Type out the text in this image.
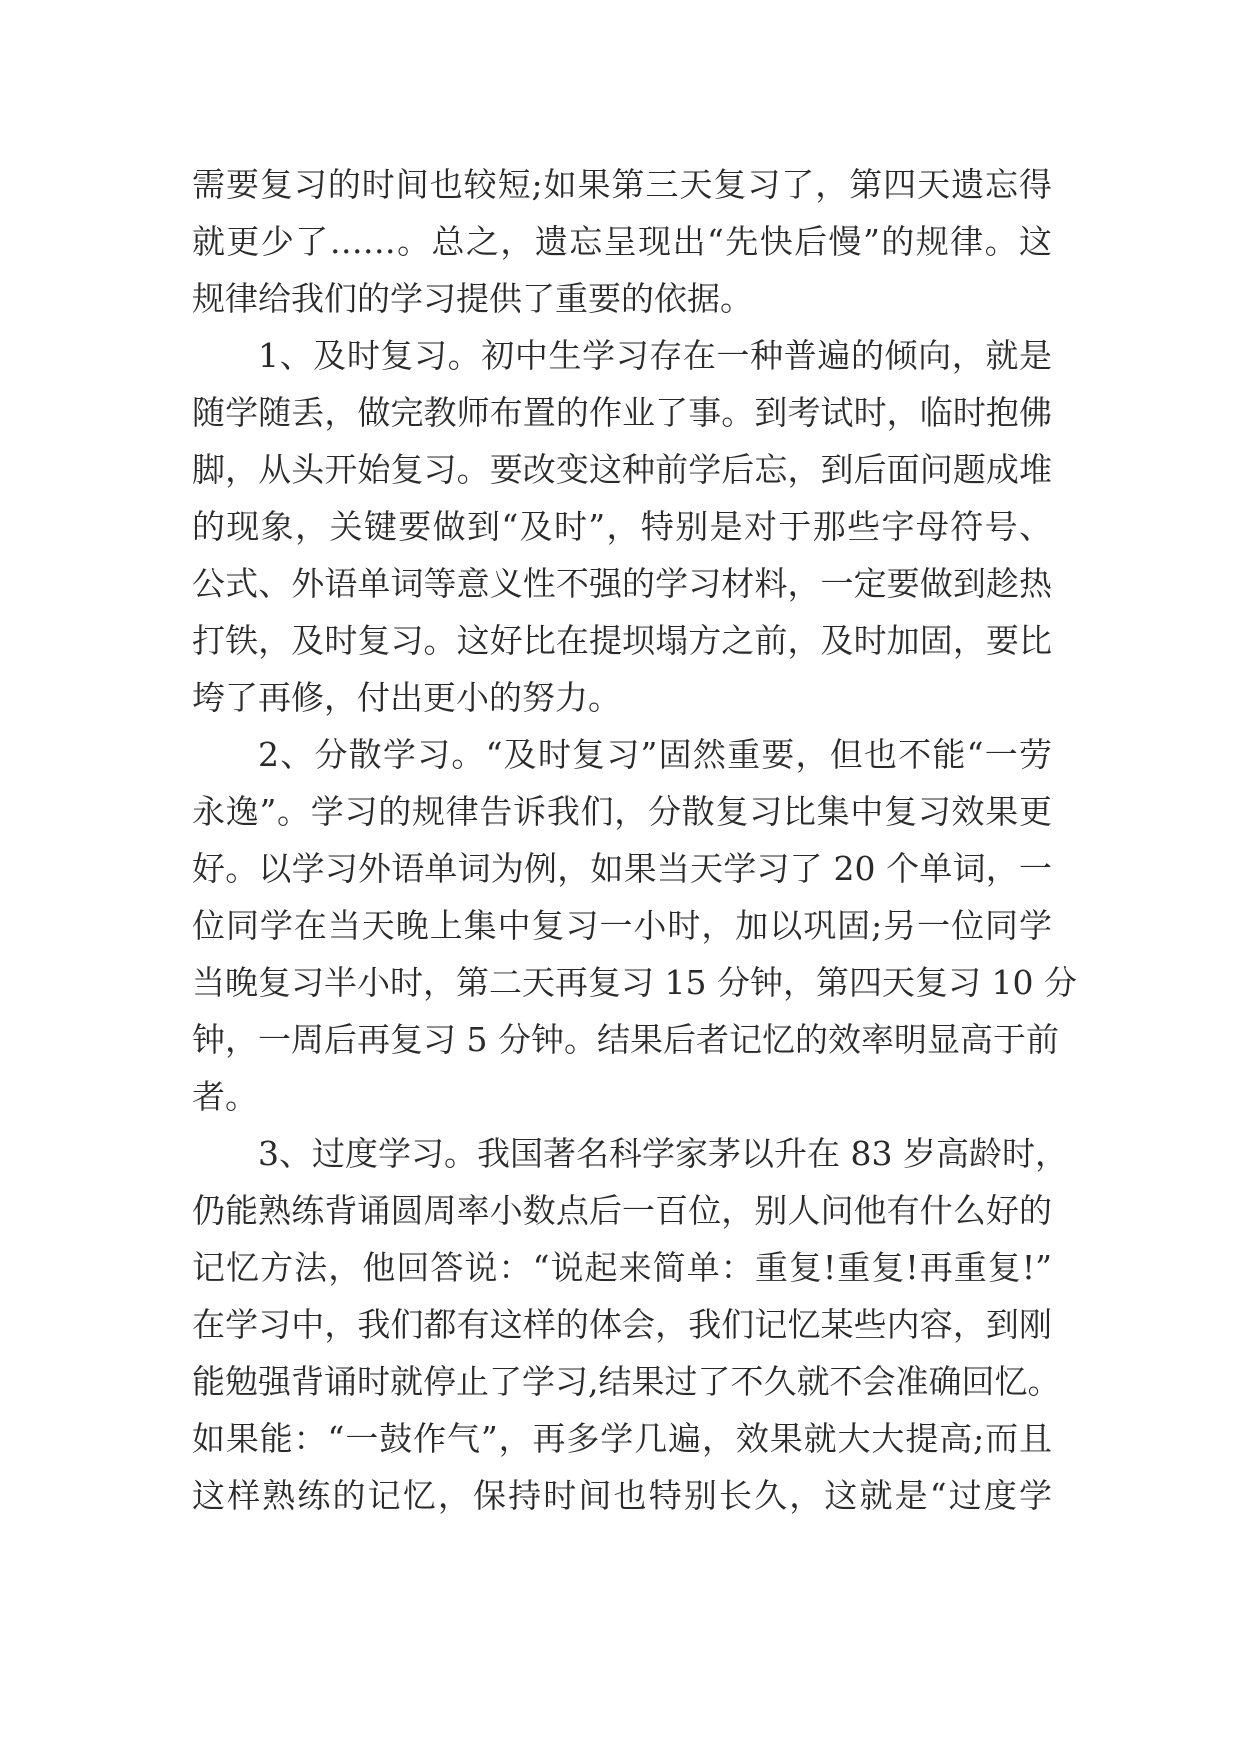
需要复习的时间也较短;如果第三天复习了，第四天遗忘得
就更少了……。总之，遗忘呈现出“先快后慢”的规律。这
规律给我们的学习提供了重要的依据。
1、及时复习。初中生学习存在一种普遍的倾向，就是
随学随丢，做完教师布置的作业了事。到考试时，临时抱佛
脚，从头开始复习。要改变这种前学后忘，到后面问题成堆
的现象，关键要做到“及时”，特别是对于那些字母符号、
公式、外语单词等意义性不强的学习材料，一定要做到趁热
打铁，及时复习。这好比在提坝塌方之前，及时加固，要比
垮了再修，付出更小的努力。
2、分散学习。“及时复习”固然重要，但也不能“一劳
永逸”。学习的规律告诉我们，分散复习比集中复习效果更
好。以学习外语单词为例，如果当天学习了 20 个单词，一
位同学在当天晚上集中复习一小时，加以巩固;另一位同学
当晚复习半小时，第二天再复习 15 分钟，第四天复习 10 分
钟，一周后再复习 5 分钟。结果后者记忆的效率明显高于前
者。
3、过度学习。我国著名科学家茅以升在 83 岁高龄时，
仍能熟练背诵圆周率小数点后一百位，别人问他有什么好的
记忆方法，他回答说：“说起来简单：重复!重复!再重复!”
在学习中，我们都有这样的体会，我们记忆某些内容，到刚
能勉强背诵时就停止了学习,结果过了不久就不会准确回忆。
如果能：“一鼓作气”，再多学几遍，效果就大大提高;而且
这样熟练的记忆，保持时间也特别长久，这就是“过度学
